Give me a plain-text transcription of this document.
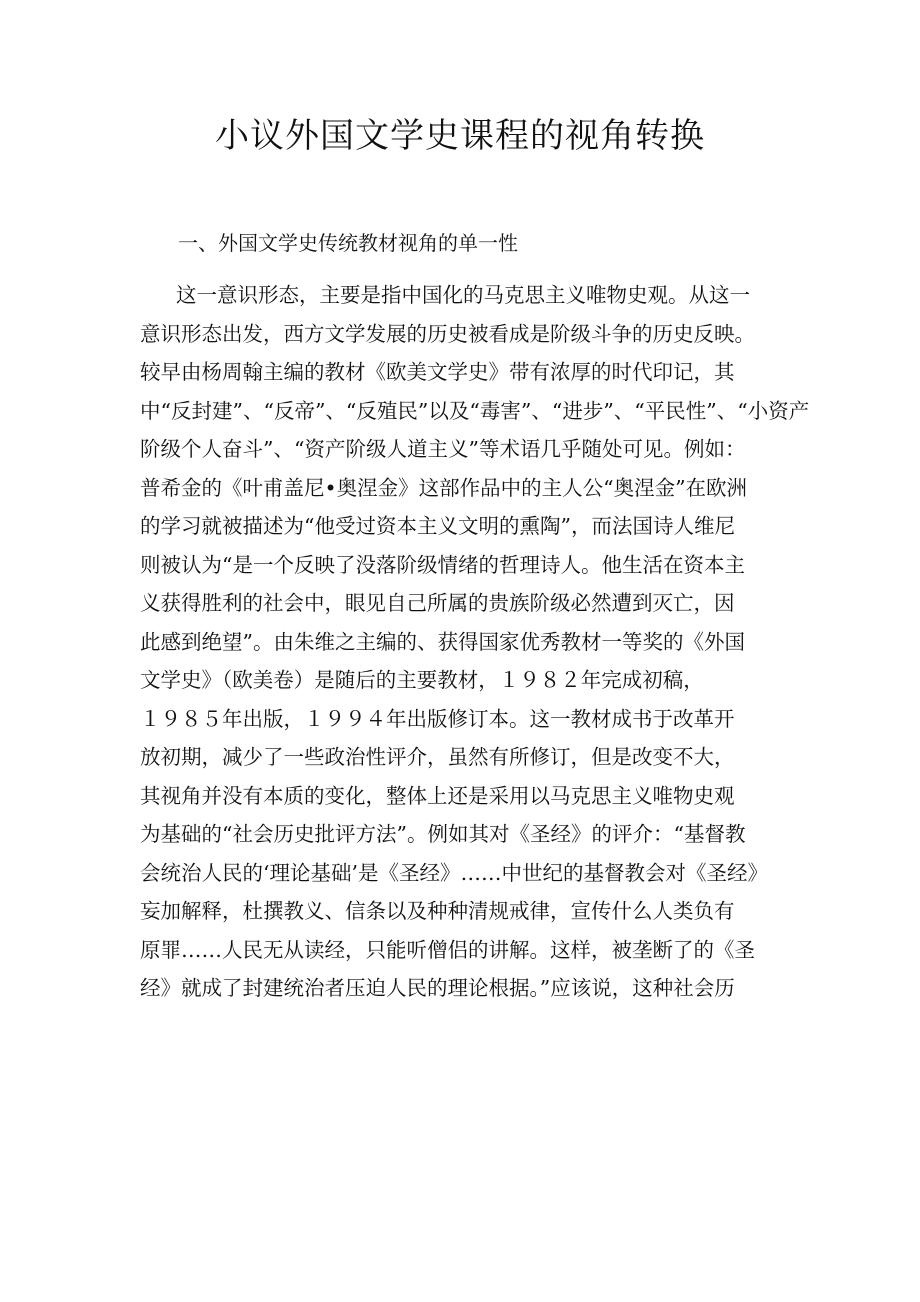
小议外国文学史课程的视角转换
一、外国文学史传统教材视角的单一性
这一意识形态，主要是指中国化的马克思主义唯物史观。从这一
意识形态出发，西方文学发展的历史被看成是阶级斗争的历史反映。
较早由杨周翰主编的教材《欧美文学史》带有浓厚的时代印记，其
中“反封建”、“反帝”、“反殖民”以及“毒害”、“进步”、“平民性”、“小资产
阶级个人奋斗”、“资产阶级人道主义”等术语几乎随处可见。例如：
普希金的《叶甫盖尼•奥涅金》这部作品中的主人公“奥涅金”在欧洲
的学习就被描述为“他受过资本主义文明的熏陶”，而法国诗人维尼
则被认为“是一个反映了没落阶级情绪的哲理诗人。他生活在资本主
义获得胜利的社会中，眼见自己所属的贵族阶级必然遭到灭亡，因
此感到绝望”。由朱维之主编的、获得国家优秀教材一等奖的《外国
文学史》（欧美卷）是随后的主要教材，１９８２年完成初稿，
１９８５年出版，１９９４年出版修订本。这一教材成书于改革开
放初期，减少了一些政治性评介，虽然有所修订，但是改变不大，
其视角并没有本质的变化，整体上还是采用以马克思主义唯物史观
为基础的“社会历史批评方法”。例如其对《圣经》的评介：“基督教
会统治人民的‘理论基础’是《圣经》……中世纪的基督教会对《圣经》
妄加解释，杜撰教义、信条以及种种清规戒律，宣传什么人类负有
原罪……人民无从读经，只能听僧侣的讲解。这样，被垄断了的《圣
经》就成了封建统治者压迫人民的理论根据。”应该说，这种社会历
